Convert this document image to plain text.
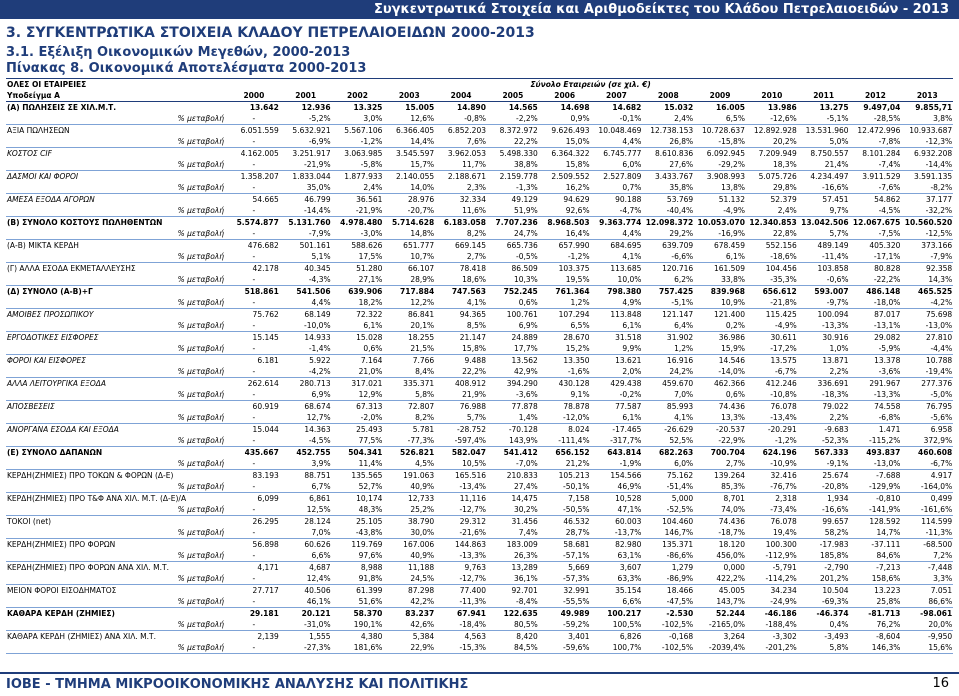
Συγκεντρωτικά Στοιχεία και Αριθμοδείκτες του Κλάδου Πετρελαιοειδών - 2013
3. ΣΥΓΚΕΝΤΡΩΤΙΚΑ ΣΤΟΙΧΕΙΑ ΚΛΑΔΟΥ ΠΕΤΡΕΛΑΙΟΕΙΔΩΝ 2000-2013
3.1. Εξέλιξη Οικονομικών Μεγεθών, 2000-2013
Πίνακας 8. Οικονομικά Αποτελέσματα 2000-2013
ΟΛΕΣ ΟΙ ΕΤΑΙΡΕΙΕΣ	Σύνολο Εταιρειών (σε χιλ. €)													
Υποδείγμα Α	2000	2001	2002	2003	2004	2005	2006	2007	2008	2009	2010	2011	2012	2013
(Α) ΠΩΛΗΣΕΙΣ ΣΕ ΧΙΛ.Μ.Τ.	13.642	12.936	13.325	15.005	14.890	14.565	14.698	14.682	15.032	16.005	13.986	13.275	9.497,04	9.855,71
% μεταβολή	-	-5,2%	3,0%	12,6%	-0,8%	-2,2%	0,9%	-0,1%	2,4%	6,5%	-12,6%	-5,1%	-28,5%	3,8%
ΑΞΙΑ ΠΩΛΗΣΕΩΝ	6.051.559	5.632.921	5.567.106	6.366.405	6.852.203	8.372.972	9.626.493	10.048.469	12.738.153	10.728.637	12.892.928	13.531.960	12.472.996	10.933.687
% μεταβολή	-	-6,9%	-1,2%	14,4%	7,6%	22,2%	15,0%	4,4%	26,8%	-15,8%	20,2%	5,0%	-7,8%	-12,3%
ΚΟΣΤΟΣ CIF	4.162.005	3.251.917	3.063.985	3.545.597	3.962.053	5.498.330	6.364.322	6.745.777	8.610.836	6.092.945	7.209.949	8.750.557	8.101.284	6.932.208
% μεταβολή	-	-21,9%	-5,8%	15,7%	11,7%	38,8%	15,8%	6,0%	27,6%	-29,2%	18,3%	21,4%	-7,4%	-14,4%
ΔΑΣΜΟΙ ΚΑΙ ΦΟΡΟΙ	1.358.207	1.833.044	1.877.933	2.140.055	2.188.671	2.159.778	2.509.552	2.527.809	3.433.767	3.908.993	5.075.726	4.234.497	3.911.529	3.591.135
% μεταβολή	-	35,0%	2,4%	14,0%	2,3%	-1,3%	16,2%	0,7%	35,8%	13,8%	29,8%	-16,6%	-7,6%	-8,2%
ΑΜΕΣΑ ΕΞΟΔΑ ΑΓΟΡΩΝ	54.665	46.799	36.561	28.976	32.334	49.129	94.629	90.188	53.769	51.132	52.379	57.451	54.862	37.177
% μεταβολή	-	-14,4%	-21,9%	-20,7%	11,6%	51,9%	92,6%	-4,7%	-40,4%	-4,9%	2,4%	9,7%	-4,5%	-32,2%
(Β) ΣΥΝΟΛΟ ΚΟΣΤΟΥΣ ΠΩΛΗΘΕΝΤΩΝ	5.574.877	5.131.760	4.978.480	5.714.628	6.183.058	7.707.236	8.968.503	9.363.774	12.098.372	10.053.070	12.340.853	13.042.506	12.067.675	10.560.520
% μεταβολή	-	-7,9%	-3,0%	14,8%	8,2%	24,7%	16,4%	4,4%	29,2%	-16,9%	22,8%	5,7%	-7,5%	-12,5%
(Α-Β) ΜΙΚΤΑ ΚΕΡΔΗ	476.682	501.161	588.626	651.777	669.145	665.736	657.990	684.695	639.709	678.459	552.156	489.149	405.320	373.166
% μεταβολή	-	5,1%	17,5%	10,7%	2,7%	-0,5%	-1,2%	4,1%	-6,6%	6,1%	-18,6%	-11,4%	-17,1%	-7,9%
(Γ) ΑΛΛΑ ΕΣΟΔΑ ΕΚΜΕΤΑΛΛΕΥΣΗΣ	42.178	40.345	51.280	66.107	78.418	86.509	103.375	113.685	120.716	161.509	104.456	103.858	80.828	92.358
% μεταβολή	-	-4,3%	27,1%	28,9%	18,6%	10,3%	19,5%	10,0%	6,2%	33,8%	-35,3%	-0,6%	-22,2%	14,3%
(Δ) ΣΥΝΟΛΟ (Α-Β)+Γ	518.861	541.506	639.906	717.884	747.563	752.245	761.364	798.380	757.425	839.968	656.612	593.007	486.148	465.525
% μεταβολή	-	4,4%	18,2%	12,2%	4,1%	0,6%	1,2%	4,9%	-5,1%	10,9%	-21,8%	-9,7%	-18,0%	-4,2%
ΑΜΟΙΒΕΣ ΠΡΟΣΩΠΙΚΟΥ	75.762	68.149	72.322	86.841	94.365	100.761	107.294	113.848	121.147	121.400	115.425	100.094	87.017	75.698
% μεταβολή	-	-10,0%	6,1%	20,1%	8,5%	6,9%	6,5%	6,1%	6,4%	0,2%	-4,9%	-13,3%	-13,1%	-13,0%
ΕΡΓΟΔΟΤΙΚΕΣ ΕΙΣΦΟΡΕΣ	15.145	14.933	15.028	18.255	21.147	24.889	28.670	31.518	31.902	36.986	30.611	30.916	29.082	27.810
% μεταβολή	-	-1,4%	0,6%	21,5%	15,8%	17,7%	15,2%	9,9%	1,2%	15,9%	-17,2%	1,0%	-5,9%	-4,4%
ΦΟΡΟΙ ΚΑΙ ΕΙΣΦΟΡΕΣ	6.181	5.922	7.164	7.766	9.488	13.562	13.350	13.621	16.916	14.546	13.575	13.871	13.378	10.788
% μεταβολή	-	-4,2%	21,0%	8,4%	22,2%	42,9%	-1,6%	2,0%	24,2%	-14,0%	-6,7%	2,2%	-3,6%	-19,4%
ΑΛΛΑ ΛΕΙΤΟΥΡΓΙΚΑ ΕΞΟΔΑ	262.614	280.713	317.021	335.371	408.912	394.290	430.128	429.438	459.670	462.366	412.246	336.691	291.967	277.376
% μεταβολή	-	6,9%	12,9%	5,8%	21,9%	-3,6%	9,1%	-0,2%	7,0%	0,6%	-10,8%	-18,3%	-13,3%	-5,0%
ΑΠΟΣΒΕΣΕΙΣ	60.919	68.674	67.313	72.807	76.988	77.878	78.878	77.587	85.993	74.436	76.078	79.022	74.558	76.795
% μεταβολή	-	12,7%	-2,0%	8,2%	5,7%	1,4%	-12,0%	6,1%	4,1%	13,3%	-13,4%	2,2%	-6,8%	-5,6%
ΑΝΟΡΓΑΝΑ ΕΣΟΔΑ ΚΑΙ ΕΞΟΔΑ	15.044	14.363	25.493	5.781	-28.752	-70.128	8.024	-17.465	-26.629	-20.537	-20.291	-9.683	1.471	6.958
% μεταβολή	-	-4,5%	77,5%	-77,3%	-597,4%	143,9%	-111,4%	-317,7%	52,5%	-22,9%	-1,2%	-52,3%	-115,2%	372,9%
(Ε) ΣΥΝΟΛΟ ΔΑΠΑΝΩΝ	435.667	452.755	504.341	526.821	582.047	541.412	656.152	643.814	682.263	700.704	624.196	567.333	493.837	460.608
% μεταβολή	-	3,9%	11,4%	4,5%	10,5%	-7,0%	21,2%	-1,9%	6,0%	2,7%	-10,9%	-9,1%	-13,0%	-6,7%
ΚΕΡΔΗ(ΖΗΜΙΕΣ) ΠΡΟ ΤΟΚΩΝ & ΦΟΡΩΝ (Δ-Ε)	83.193	88.751	135.565	191.063	165.516	210.833	105.213	154.566	75.162	139.264	32.416	25.674	-7.688	4.917
% μεταβολή	-	6,7%	52,7%	40,9%	-13,4%	27,4%	-50,1%	46,9%	-51,4%	85,3%	-76,7%	-20,8%	-129,9%	-164,0%
ΚΕΡΔΗ(ΖΗΜΙΕΣ) ΠΡΟ Τ&Φ ΑΝΑ ΧΙΛ. Μ.Τ. (Δ-Ε)/Α	6,099	6,861	10,174	12,733	11,116	14,475	7,158	10,528	5,000	8,701	2,318	1,934	-0,810	0,499
% μεταβολή	-	12,5%	48,3%	25,2%	-12,7%	30,2%	-50,5%	47,1%	-52,5%	74,0%	-73,4%	-16,6%	-141,9%	-161,6%
ΤΟΚΟΙ (net)	26.295	28.124	25.105	38.790	29.312	31.456	46.532	60.003	104.460	74.436	76.078	99.657	128.592	114.599
% μεταβολή	-	7,0%	-43,8%	30,0%	-21,6%	7,4%	28,7%	-13,7%	146,7%	-18,7%	19,4%	58,2%	14,7%	-11,3%
ΚΕΡΔΗ(ΖΗΜΙΕΣ) ΠΡΟ ΦΟΡΩΝ	56.898	60.626	119.769	167.006	144.863	183.009	58.681	82.980	135.371	18.120	100.300	-17.983	-37.111	-68.500
% μεταβολή	-	6,6%	97,6%	40,9%	-13,3%	26,3%	-57,1%	63,1%	-86,6%	456,0%	-112,9%	185,8%	84,6%	7,2%
ΚΕΡΔΗ(ΖΗΜΙΕΣ) ΠΡΟ ΦΟΡΩΝ ΑΝΑ ΧΙΛ. Μ.Τ.	4,171	4,687	8,988	11,188	9,763	13,289	5,669	3,607	1,279	0,000	-5,791	-2,790	-7,213	-7,448
% μεταβολή	-	12,4%	91,8%	24,5%	-12,7%	36,1%	-57,3%	63,3%	-86,9%	422,2%	-114,2%	201,2%	158,6%	3,3%
ΜΕΙΟΝ ΦΟΡΟΙ ΕΙΣΟΔΗΜΑΤΟΣ	27.717	40.506	61.399	87.298	77.400	92.701	32.991	35.154	18.466	45.005	34.234	10.504	13.223	7.051
% μεταβολή	-	46,1%	51,6%	42,2%	-11,3%	-8,4%	-55,5%	6,6%	-47,5%	143,7%	-24,9%	-69,3%	25,8%	86,6%
ΚΑΘΑΡΑ ΚΕΡΔΗ (ΖΗΜΙΕΣ)	29.181	20.121	58.370	83.237	67.941	122.635	49.989	100.217	-2.530	52.244	-46.186	-46.374	-81.713	-98.061
% μεταβολή	-	-31,0%	190,1%	42,6%	-18,4%	80,5%	-59,2%	100,5%	-102,5%	-2165,0%	-188,4%	0,4%	76,2%	20,0%
ΚΑΘΑΡΑ ΚΕΡΔΗ (ΖΗΜΙΕΣ) ΑΝΑ ΧΙΛ. Μ.Τ.	2,139	1,555	4,380	5,384	4,563	8,420	3,401	6,826	-0,168	3,264	-3,302	-3,493	-8,604	-9,950
% μεταβολή	-	-27,3%	181,6%	22,9%	-15,3%	84,5%	-59,6%	100,7%	-102,5%	-2039,4%	-201,2%	5,8%	146,3%	15,6%
ΙΟΒΕ - ΤΜΗΜΑ ΜΙΚΡΟΟΙΚΟΝΟΜΙΚΗΣ ΑΝΑΛΥΣΗΣ ΚΑΙ ΠΟΛΙΤΙΚΗΣ	16
